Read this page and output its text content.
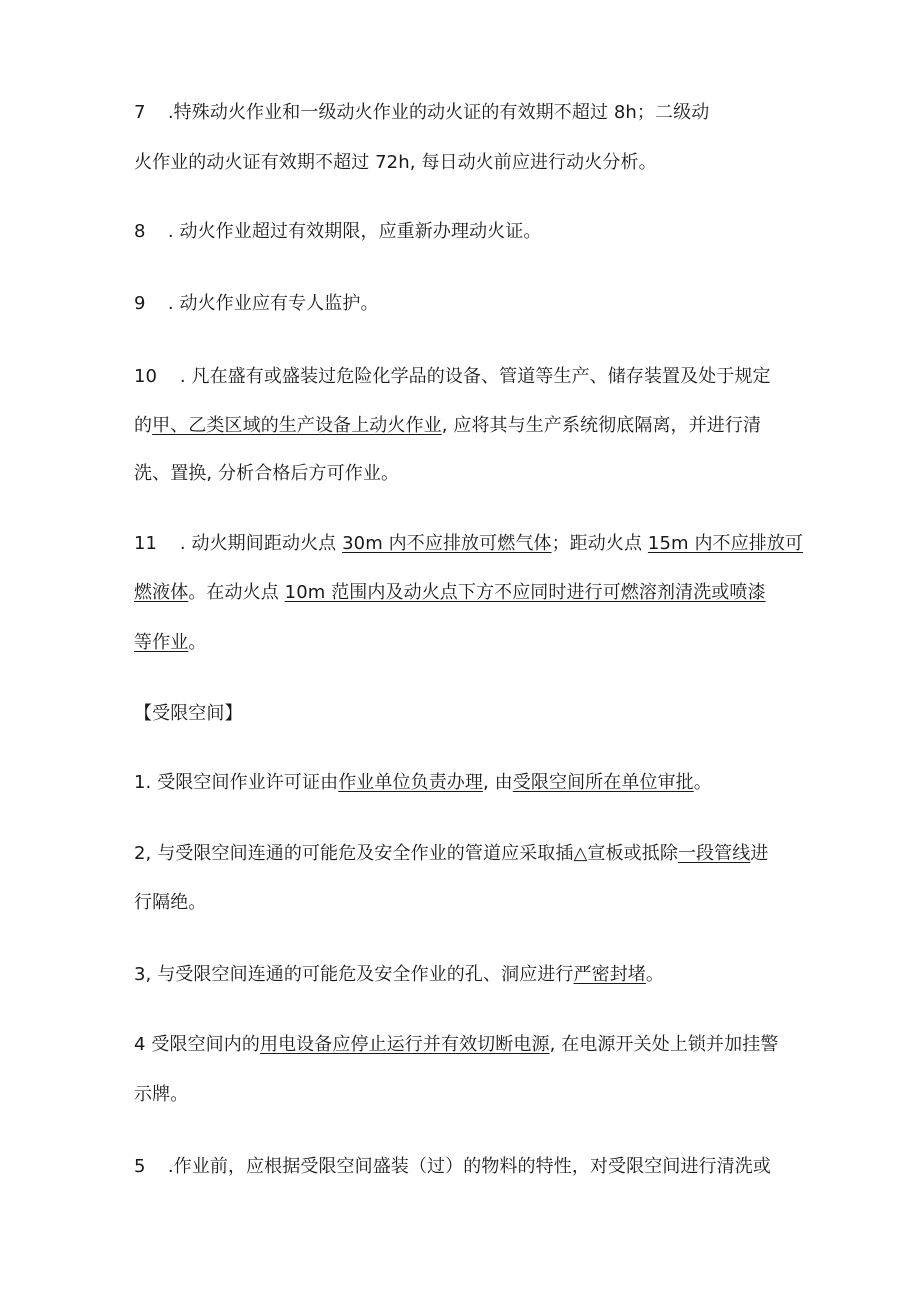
7 .特殊动火作业和一级动火作业的动火证的有效期不超过 8h；二级动
火作业的动火证有效期不超过 72h, 每日动火前应进行动火分析。
8 . 动火作业超过有效期限，应重新办理动火证。
9 . 动火作业应有专人监护。
10 . 凡在盛有或盛装过危险化学品的设备、管道等生产、储存装置及处于规定
的甲、乙类区域的生产设备上动火作业, 应将其与生产系统彻底隔离，并进行清
洗、置换, 分析合格后方可作业。
11 . 动火期间距动火点 30m 内不应排放可燃气体；距动火点 15m 内不应排放可
燃液体。在动火点 10m 范围内及动火点下方不应同时进行可燃溶剂清洗或喷漆
等作业。
【受限空间】
1. 受限空间作业许可证由作业单位负责办理, 由受限空间所在单位审批。
2, 与受限空间连通的可能危及安全作业的管道应采取插△宣板或抵除一段管线进
行隔绝。
3, 与受限空间连通的可能危及安全作业的孔、洞应进行严密封堵。
4 受限空间内的用电设备应停止运行并有效切断电源, 在电源开关处上锁并加挂警
示牌。
5 .作业前，应根据受限空间盛装（过）的物料的特性，对受限空间进行清洗或
